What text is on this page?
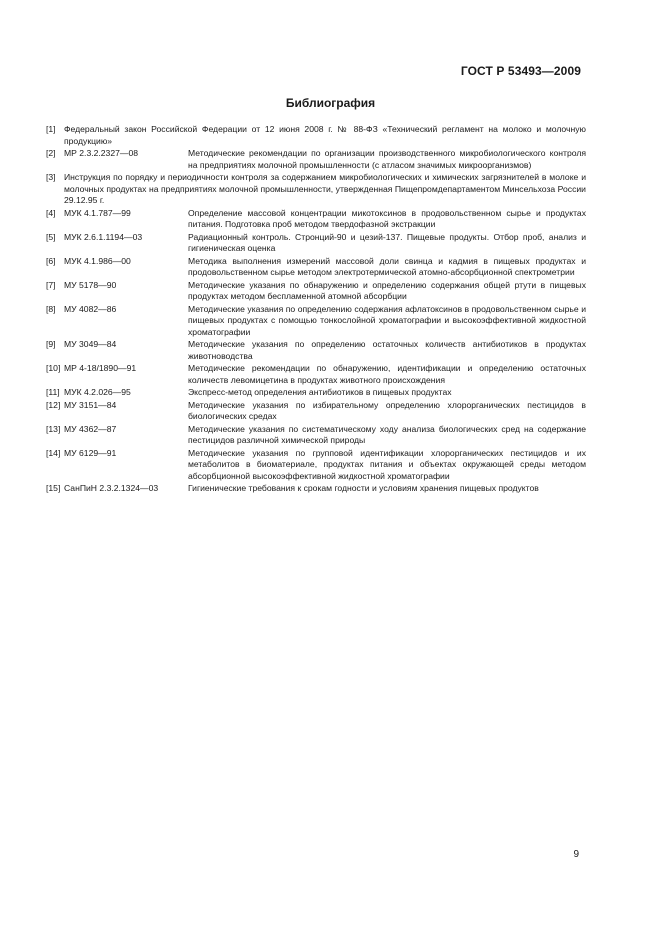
ГОСТ Р 53493—2009
Библиография
[1] Федеральный закон Российской Федерации от 12 июня 2008 г. № 88-ФЗ «Технический регламент на молоко и молочную продукцию»
[2] МР 2.3.2.2327—08	Методические рекомендации по организации производственного микробиологического контроля на предприятиях молочной промышленности (с атласом значимых микроорганизмов)
[3] Инструкция по порядку и периодичности контроля за содержанием микробиологических и химических загрязнителей в молоке и молочных продуктах на предприятиях молочной промышленности, утвержденная Пищепромдепартаментом Минсельхоза России 29.12.95 г.
[4] МУК 4.1.787—99	Определение массовой концентрации микотоксинов в продовольственном сырье и продуктах питания. Подготовка проб методом твердофазной экстракции
[5] МУК 2.6.1.1194—03	Радиационный контроль. Стронций-90 и цезий-137. Пищевые продукты. Отбор проб, анализ и гигиеническая оценка
[6] МУК 4.1.986—00	Методика выполнения измерений массовой доли свинца и кадмия в пищевых продуктах и продовольственном сырье методом электротермической атомно-абсорбционной спектрометрии
[7] МУ 5178—90	Методические указания по обнаружению и определению содержания общей ртути в пищевых продуктах методом беспламенной атомной абсорбции
[8] МУ 4082—86	Методические указания по определению содержания афлатоксинов в продовольственном сырье и пищевых продуктах с помощью тонкослойной хроматографии и высокоэффективной жидкостной хроматографии
[9] МУ 3049—84	Методические указания по определению остаточных количеств антибиотиков в продуктах животноводства
[10] МР 4-18/1890—91	Методические рекомендации по обнаружению, идентификации и определению остаточных количеств левомицетина в продуктах животного происхождения
[11] МУК 4.2.026—95	Экспресс-метод определения антибиотиков в пищевых продуктах
[12] МУ 3151—84	Методические указания по избирательному определению хлорорганических пестицидов в биологических средах
[13] МУ 4362—87	Методические указания по систематическому ходу анализа биологических сред на содержание пестицидов различной химической природы
[14] МУ 6129—91	Методические указания по групповой идентификации хлорорганических пестицидов и их метаболитов в биоматериале, продуктах питания и объектах окружающей среды методом абсорбционной высокоэффективной жидкостной хроматографии
[15] СанПиН 2.3.2.1324—03	Гигиенические требования к срокам годности и условиям хранения пищевых продуктов
9
